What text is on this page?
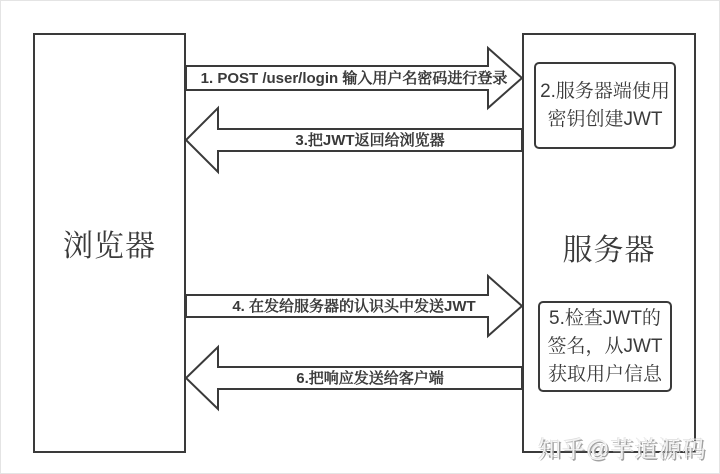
浏览器
2.服务器端使用
密钥创建JWT
服务器
5.检查JWT的
签名，从JWT
获取用户信息
1. POST /user/login 输入用户名密码进行登录
3.把JWT返回给浏览器
4. 在发给服务器的认识头中发送JWT
6.把响应发送给客户端
知乎@芋道源码
